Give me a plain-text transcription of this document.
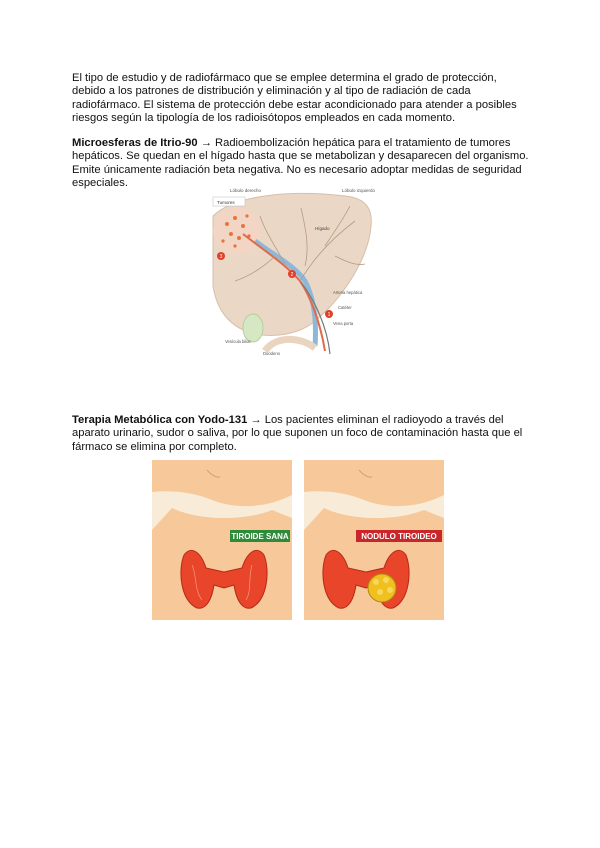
El tipo de estudio y de radiofármaco que se emplee determina el grado de protección, debido a los patrones de distribución y eliminación y al tipo de radiación de cada radiofármaco. El sistema de protección debe estar acondicionado para atender a posibles riesgos según la tipología de los radioisótopos empleados en cada momento.

Microesferas de Itrio-90 → Radioembolización hepática para el tratamiento de tumores hepáticos. Se quedan en el hígado hasta que se metabolizan y desaparecen del organismo. Emite únicamente radiación beta negativa. No es necesario adoptar medidas de seguridad especiales.

1
2
3
Tumores
Lóbulo derecho	Lóbulo izquierdo
Hígado
Arteria hepática
Catéter
Vena porta
Vesícula biliar
Duodeno

Terapia Metabólica con Yodo-131 → Los pacientes eliminan el radioyodo a través del aparato urinario, sudor o saliva, por lo que suponen un foco de contaminación hasta que el fármaco se elimina por completo.

TIROIDE SANA	NODULO TIROIDEO
